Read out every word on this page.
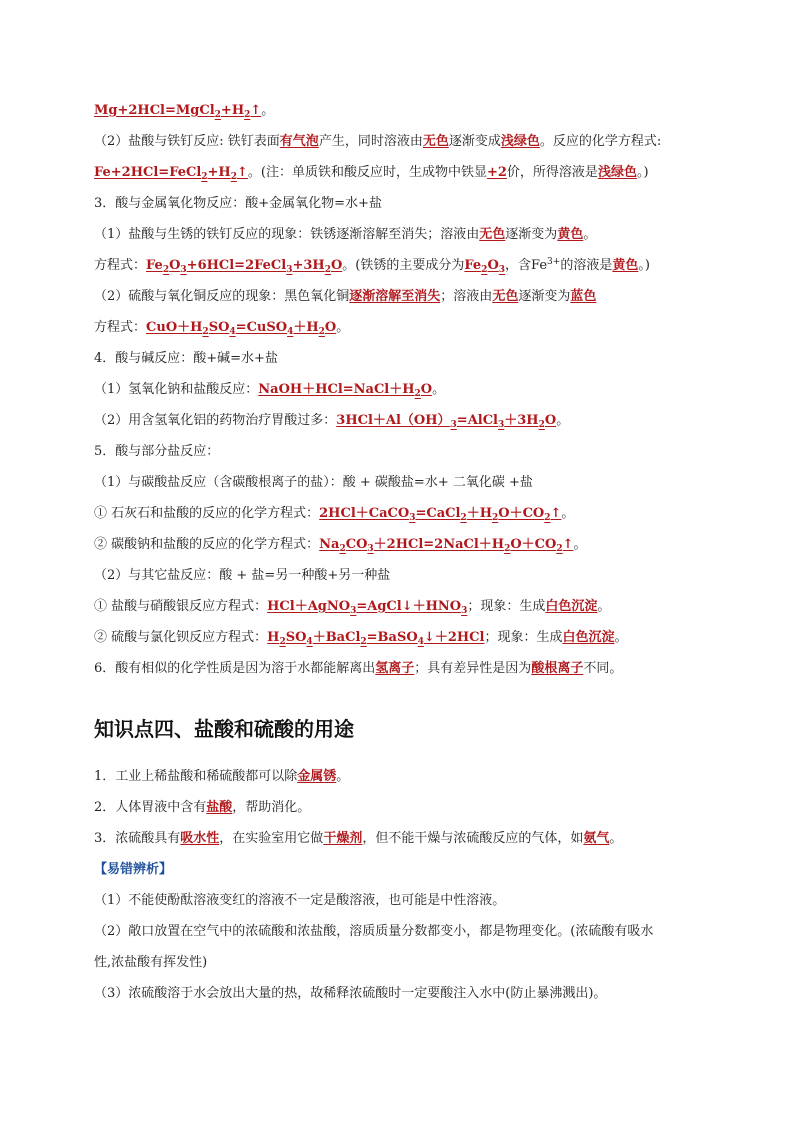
$Mg+2HCl=MgCl_2+H_2↑$。
（2）盐酸与铁钉反应: 铁钉表面有气泡产生，同时溶液由无色逐渐变成浅绿色。反应的化学方程式:
$Fe+2HCl=FeCl_2+H_2↑$。(注：单质铁和酸反应时，生成物中铁显+2价，所得溶液是浅绿色。)
3．酸与金属氧化物反应：酸+金属氧化物=水+盐
（1）盐酸与生锈的铁钉反应的现象：铁锈逐渐溶解至消失；溶液由无色逐渐变为黄色。
方程式：$Fe_2O_3+6HCl=2FeCl_3+3H_2O$。(铁锈的主要成分为$Fe_2O_3$，含$Fe^{3+}$的溶液是黄色。)
（2）硫酸与氧化铜反应的现象：黑色氧化铜逐渐溶解至消失；溶液由无色逐渐变为蓝色
方程式：$CuO+H_2SO_4=CuSO_4+H_2O$。
4．酸与碱反应：酸+碱=水+盐
（1）氢氧化钠和盐酸反应：$NaOH+HCl=NaCl+H_2O$。
（2）用含氢氧化铝的药物治疗胃酸过多：$3HCl+Al(OH)_3=AlCl_3+3H_2O$。
5．酸与部分盐反应：
（1）与碳酸盐反应（含碳酸根离子的盐）：酸 + 碳酸盐=水+ 二氧化碳 +盐
① 石灰石和盐酸的反应的化学方程式：$2HCl+CaCO_3=CaCl_2+H_2O+CO_2↑$。
② 碳酸钠和盐酸的反应的化学方程式：$Na_2CO_3+2HCl=2NaCl+H_2O+CO_2↑$。
（2）与其它盐反应：酸 + 盐=另一种酸+另一种盐
① 盐酸与硝酸银反应方程式：$HCl+AgNO_3=AgCl↓+HNO_3$；现象：生成白色沉淀。
② 硫酸与氯化钡反应方程式：$H_2SO_4+BaCl_2=BaSO_4↓+2HCl$；现象：生成白色沉淀。
6．酸有相似的化学性质是因为溶于水都能解离出氢离子；具有差异性是因为酸根离子不同。
1．工业上稀盐酸和稀硫酸都可以除金属锈。
2．人体胃液中含有盐酸，帮助消化。
3．浓硫酸具有吸水性，在实验室用它做干燥剂，但不能干燥与浓硫酸反应的气体，如氨气。
【易错辨析】
（1）不能使酚酞溶液变红的溶液不一定是酸溶液，也可能是中性溶液。
（2）敞口放置在空气中的浓硫酸和浓盐酸，溶质质量分数都变小，都是物理变化。(浓硫酸有吸水
性,浓盐酸有挥发性)
（3）浓硫酸溶于水会放出大量的热，故稀释浓硫酸时一定要酸注入水中(防止暴沸溅出)。
知识点四、盐酸和硫酸的用途
